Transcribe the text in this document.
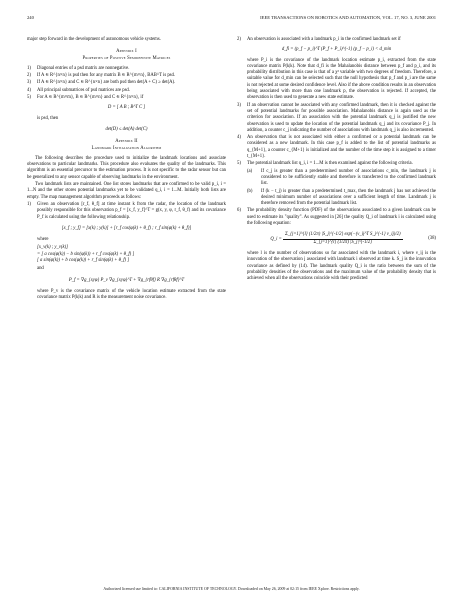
240	IEEE TRANSACTIONS ON ROBOTICS AND AUTOMATION, VOL. 17, NO. 3, JUNE 2001

major step forward in the development of autonomous vehicle systems.

Appendix I
Properties of Positive Semidefinite Matrices
1) Diagonal entries of a psd matrix are nonnegative.
2) If A ∈ R^{n×n} is psd then for any matrix B ∈ R^{m×n}, BAB^T is psd.
3) If A ∈ R^{n×n} and C ∈ R^{n×n} are both psd then det(A + C) ≥ det(A).
4) All principal submatrices of psd matrices are psd.
5) For A ∈ R^{m×m}, B ∈ R^{m×n} and C ∈ R^{n×n}, if
D = [ A B ; B^T C ]

is psd, then

det(D) ≤ det(A) det(C)
Appendix II
Landmark Initialization Algorithm

The following describes the procedure used to initialize the landmark locations and associate observations to particular landmarks. This procedure also evaluates the quality of the landmarks. This algorithm is an essential precursor to the estimation process. It is not specific to the radar sensor but can be generalized to any sensor capable of observing landmarks in the environment.

Two landmark lists are maintained. One list stores landmarks that are confirmed to be valid p_i, i = 1...N and the other stores potential landmarks yet to be validated q_i, i = 1...M. Initially both lists are empty. The map management algorithm proceeds as follows:

1) Given an observation [r_f, θ_f] at time instant k from the radar, the location of the landmark possibly responsible for this observation p_f = [x_f, y_f]^T = g(x, y, φ, r_f, θ_f) and its covariance P_f is calculated using the following relationship.
[x_f ; y_f] = [x(k) ; y(k)] + [r_f cos(φ(k) + θ_f) ; r_f sin(φ(k) + θ_f)]

where

[x_v(k) ; y_v(k)]
= [ a cos(φ(k)) − b sin(φ(k)) + r_f cos(φ(k) + θ_f) ]
[ a sin(φ(k)) + b cos(φ(k)) + r_f sin(φ(k) + θ_f) ]

and

P_f = ∇g_{xyφ} P_v ∇g_{xyφ}^T + ∇g_{rfθf} R ∇g_{rfθf}^T

where P_v is the covariance matrix of the vehicle location estimate extracted from the state covariance matrix P(k|k) and R is the measurement noise covariance.

2) An observation is associated with a landmark p_i in the confirmed landmark set if
d_fi = (p_f − p_i)^T (P_f + P_i)^{-1} (p_f − p_i) < d_min

where P_i is the covariance of the landmark location estimate p_i, extracted from the state covariance matrix P(k|k). Note that d_fi is the Mahalanobis distance between p_f and p_i, and its probability distribution in this case is that of a χ² variable with two degrees of freedom. Therefore, a suitable value for d_min can be selected such that the null hypothesis that p_f and p_i are the same is not rejected at some desired confidence level. Also if the above condition results in an observation being associated with more than one landmark p, the observation is rejected. If accepted, the observation is then used to generate a new state estimate.

3) If an observation cannot be associated with any confirmed landmark, then it is checked against the set of potential landmarks for possible association. Mahalanobis distance is again used as the criterion for association. If an association with the potential landmark q_j is justified the new observation is used to update the location of the potential landmark q_j and its covariance P_j. In addition, a counter c_j indicating the number of associations with landmark q_j is also incremented.
4) An observation that is not associated with either a confirmed or a potential landmark can be considered as a new landmark. In this case p_f is added to the list of potential landmarks as q_{M+1}, a counter c_{M+1} is initialized and the number of the time step it is assigned to a timer t_{M+1}.
5) The potential landmark list q_i, i = 1...M is then examined against the following criteria.
(a) If c_j is greater than a predetermined number of associations c_min, the landmark j is considered to be sufficiently stable and therefore is transferred to the confirmed landmark list.
(b) If (k − t_j) is greater than a predetermined t_max, then the landmark j has not achieved the desired minimum number of associations over a sufficient length of time. Landmark j is therefore removed from the potential landmark list.
6) The probability density function (PDF) of the observations associated to a given landmark can be used to estimate its "quality". As suggested in [26] the quality Q_i of landmark i is calculated using the following equation:
Q_i =
Σ_{j=1}^{l} (1/2π) |S_j|^{-1/2} exp(−(ν_ij^T S_j^{-1} ν_ij)/2)
Σ_{j=1}^{l} (1/2π) |S_j|^{-1/2}
(38)

where l is the number of observations so far associated with the landmark i, where ν_ij is the innovation of the observation j associated with landmark i observed at time k. S_j is the innovation covariance as defined by (14). The landmark quality Q_i is the ratio between the sum of the probability densities of the observations and the maximum value of the probability density that is achieved when all the observations coincide with their predicted

Authorized licensed use limited to: CALIFORNIA INSTITUTE OF TECHNOLOGY. Downloaded on May 26, 2009 at 02:15 from IEEE Xplore. Restrictions apply.
